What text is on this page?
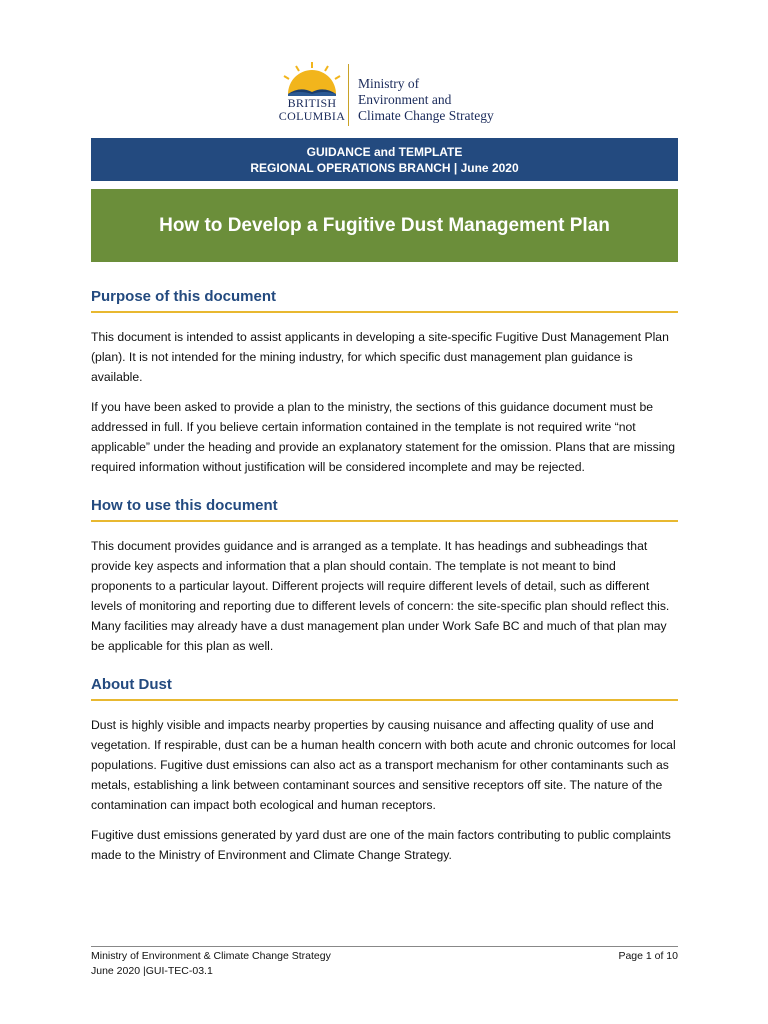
BRITISH
COLUMBIA
Ministry of
Environment and
Climate Change Strategy
GUIDANCE and TEMPLATE
REGIONAL OPERATIONS BRANCH | June 2020
How to Develop a Fugitive Dust Management Plan
Purpose of this document

This document is intended to assist applicants in developing a site-specific Fugitive Dust Management Plan (plan). It is not intended for the mining industry, for which specific dust management plan guidance is available.

If you have been asked to provide a plan to the ministry, the sections of this guidance document must be addressed in full. If you believe certain information contained in the template is not required write “not applicable” under the heading and provide an explanatory statement for the omission. Plans that are missing required information without justification will be considered incomplete and may be rejected.

How to use this document

This document provides guidance and is arranged as a template. It has headings and subheadings that provide key aspects and information that a plan should contain. The template is not meant to bind proponents to a particular layout. Different projects will require different levels of detail, such as different levels of monitoring and reporting due to different levels of concern: the site-specific plan should reflect this. Many facilities may already have a dust management plan under Work Safe BC and much of that plan may be applicable for this plan as well.

About Dust

Dust is highly visible and impacts nearby properties by causing nuisance and affecting quality of use and vegetation. If respirable, dust can be a human health concern with both acute and chronic outcomes for local populations. Fugitive dust emissions can also act as a transport mechanism for other contaminants such as metals, establishing a link between contaminant sources and sensitive receptors off site. The nature of the contamination can impact both ecological and human receptors.

Fugitive dust emissions generated by yard dust are one of the main factors contributing to public complaints made to the Ministry of Environment and Climate Change Strategy.

Ministry of Environment & Climate Change Strategy
June 2020 |GUI-TEC-03.1
Page 1 of 10
